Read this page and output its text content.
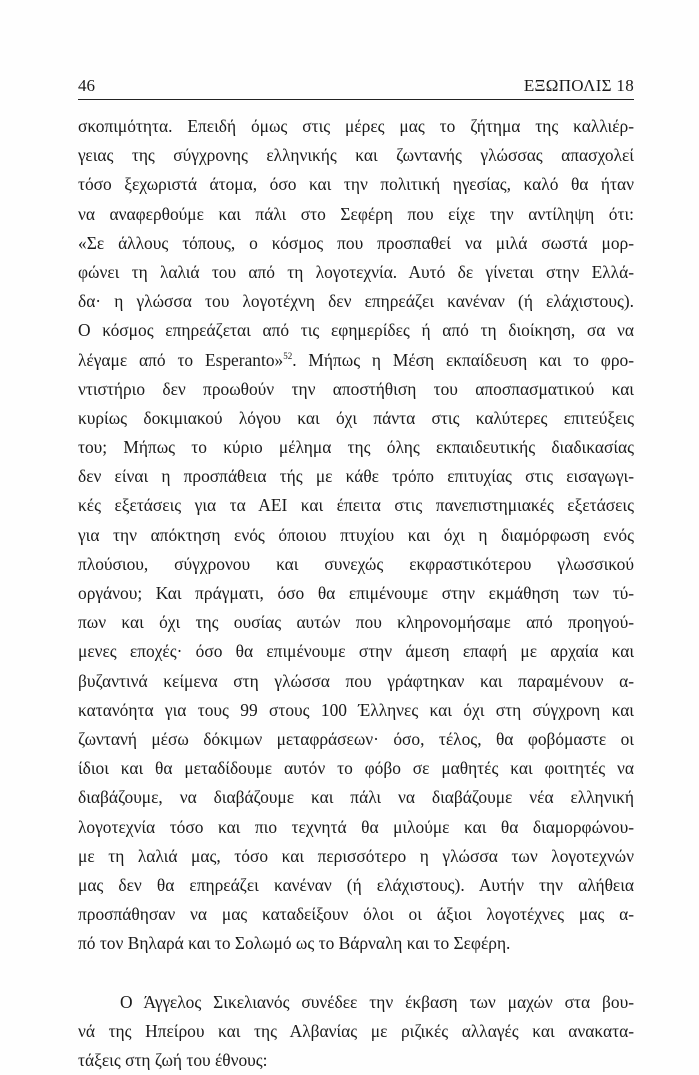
46	ΕΞΩΠΟΛΙΣ 18
σκοπιμότητα. Επειδή όμως στις μέρες μας το ζήτημα της καλλιέρ-
γειας της σύγχρονης ελληνικής και ζωντανής γλώσσας απασχολεί
τόσο ξεχωριστά άτομα, όσο και την πολιτική ηγεσίας, καλό θα ήταν
να αναφερθούμε και πάλι στο Σεφέρη που είχε την αντίληψη ότι:
«Σε άλλους τόπους, ο κόσμος που προσπαθεί να μιλά σωστά μορ-
φώνει τη λαλιά του από τη λογοτεχνία. Αυτό δε γίνεται στην Ελλά-
δα· η γλώσσα του λογοτέχνη δεν επηρεάζει κανέναν (ή ελάχιστους).
Ο κόσμος επηρεάζεται από τις εφημερίδες ή από τη διοίκηση, σα να
λέγαμε από το Esperanto»$^{52}$. Μήπως η Μέση εκπαίδευση και το φρο-
ντιστήριο δεν προωθούν την αποστήθιση του αποσπασματικού και
κυρίως δοκιμιακού λόγου και όχι πάντα στις καλύτερες επιτεύξεις
του; Μήπως το κύριο μέλημα της όλης εκπαιδευτικής διαδικασίας
δεν είναι η προσπάθεια τής με κάθε τρόπο επιτυχίας στις εισαγωγι-
κές εξετάσεις για τα ΑΕΙ και έπειτα στις πανεπιστημιακές εξετάσεις
για την απόκτηση ενός όποιου πτυχίου και όχι η διαμόρφωση ενός
πλούσιου, σύγχρονου και συνεχώς εκφραστικότερου γλωσσικού
οργάνου; Και πράγματι, όσο θα επιμένουμε στην εκμάθηση των τύ-
πων και όχι της ουσίας αυτών που κληρονομήσαμε από προηγού-
μενες εποχές· όσο θα επιμένουμε στην άμεση επαφή με αρχαία και
βυζαντινά κείμενα στη γλώσσα που γράφτηκαν και παραμένουν α-
κατανόητα για τους 99 στους 100 Έλληνες και όχι στη σύγχρονη και
ζωντανή μέσω δόκιμων μεταφράσεων· όσο, τέλος, θα φοβόμαστε οι
ίδιοι και θα μεταδίδουμε αυτόν το φόβο σε μαθητές και φοιτητές να
διαβάζουμε, να διαβάζουμε και πάλι να διαβάζουμε νέα ελληνική
λογοτεχνία τόσο και πιο τεχνητά θα μιλούμε και θα διαμορφώνου-
με τη λαλιά μας, τόσο και περισσότερο η γλώσσα των λογοτεχνών
μας δεν θα επηρεάζει κανέναν (ή ελάχιστους). Αυτήν την αλήθεια
προσπάθησαν να μας καταδείξουν όλοι οι άξιοι λογοτέχνες μας α-
πό τον Βηλαρά και το Σολωμό ως το Βάρναλη και το Σεφέρη.
Ο Άγγελος Σικελιανός συνέδεε την έκβαση των μαχών στα βου-
νά της Ηπείρου και της Αλβανίας με ριζικές αλλαγές και ανακατα-
τάξεις στη ζωή του έθνους:
